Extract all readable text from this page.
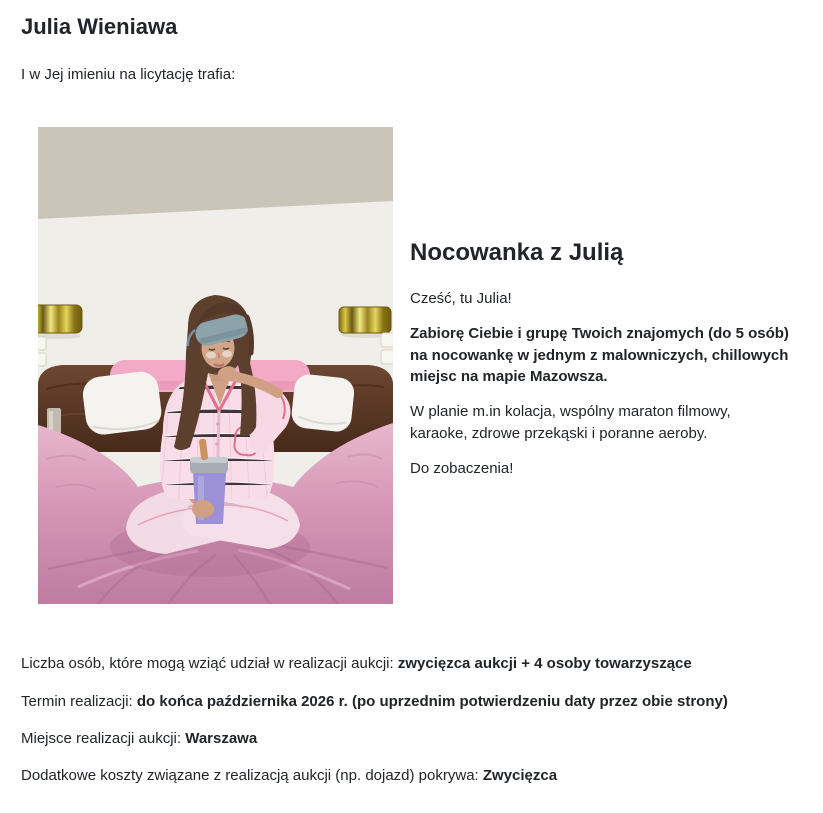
Julia Wieniawa

I w Jej imieniu na licytację trafia:

Nocowanka z Julią

Cześć, tu Julia!

Zabiorę Ciebie i grupę Twoich znajomych (do 5 osób) na nocowankę w jednym z malowniczych, chillowych miejsc na mapie Mazowsza.

W planie m.in kolacja, wspólny maraton filmowy, karaoke, zdrowe przekąski i poranne aeroby.

Do zobaczenia!

Liczba osób, które mogą wziąć udział w realizacji aukcji: zwycięzca aukcji + 4 osoby towarzyszące

Termin realizacji: do końca października 2026 r. (po uprzednim potwierdzeniu daty przez obie strony)

Miejsce realizacji aukcji: Warszawa

Dodatkowe koszty związane z realizacją aukcji (np. dojazd) pokrywa: Zwycięzca
